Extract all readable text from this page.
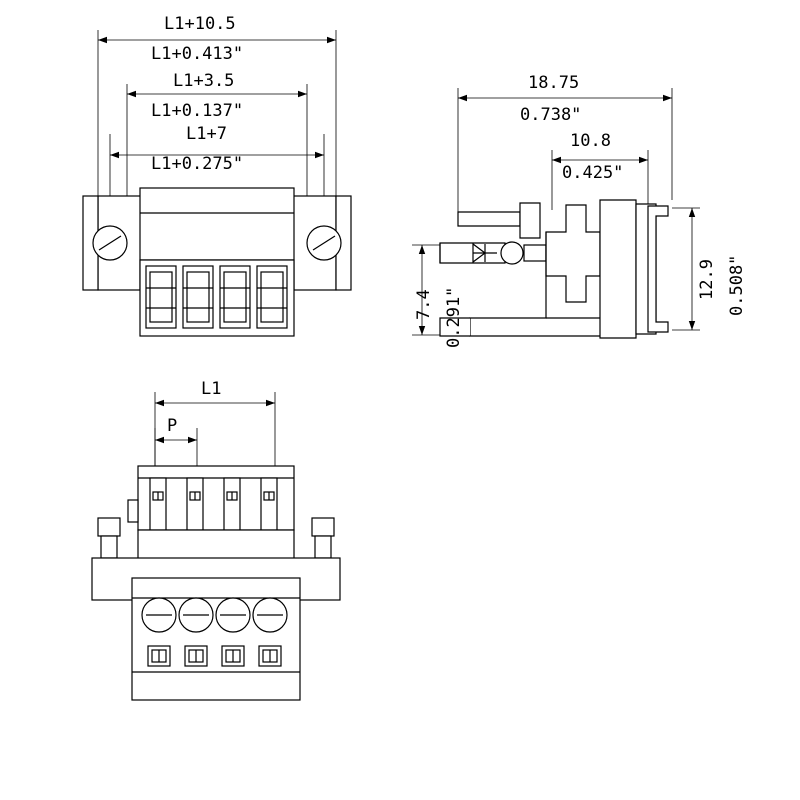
L1+10.5
L1+0.413"
L1+3.5
L1+0.137"
L1+7
L1+0.275"
18.75
0.738"
10.8
0.425"
12.9 0.508"
7.4 0.291"
L1
P
